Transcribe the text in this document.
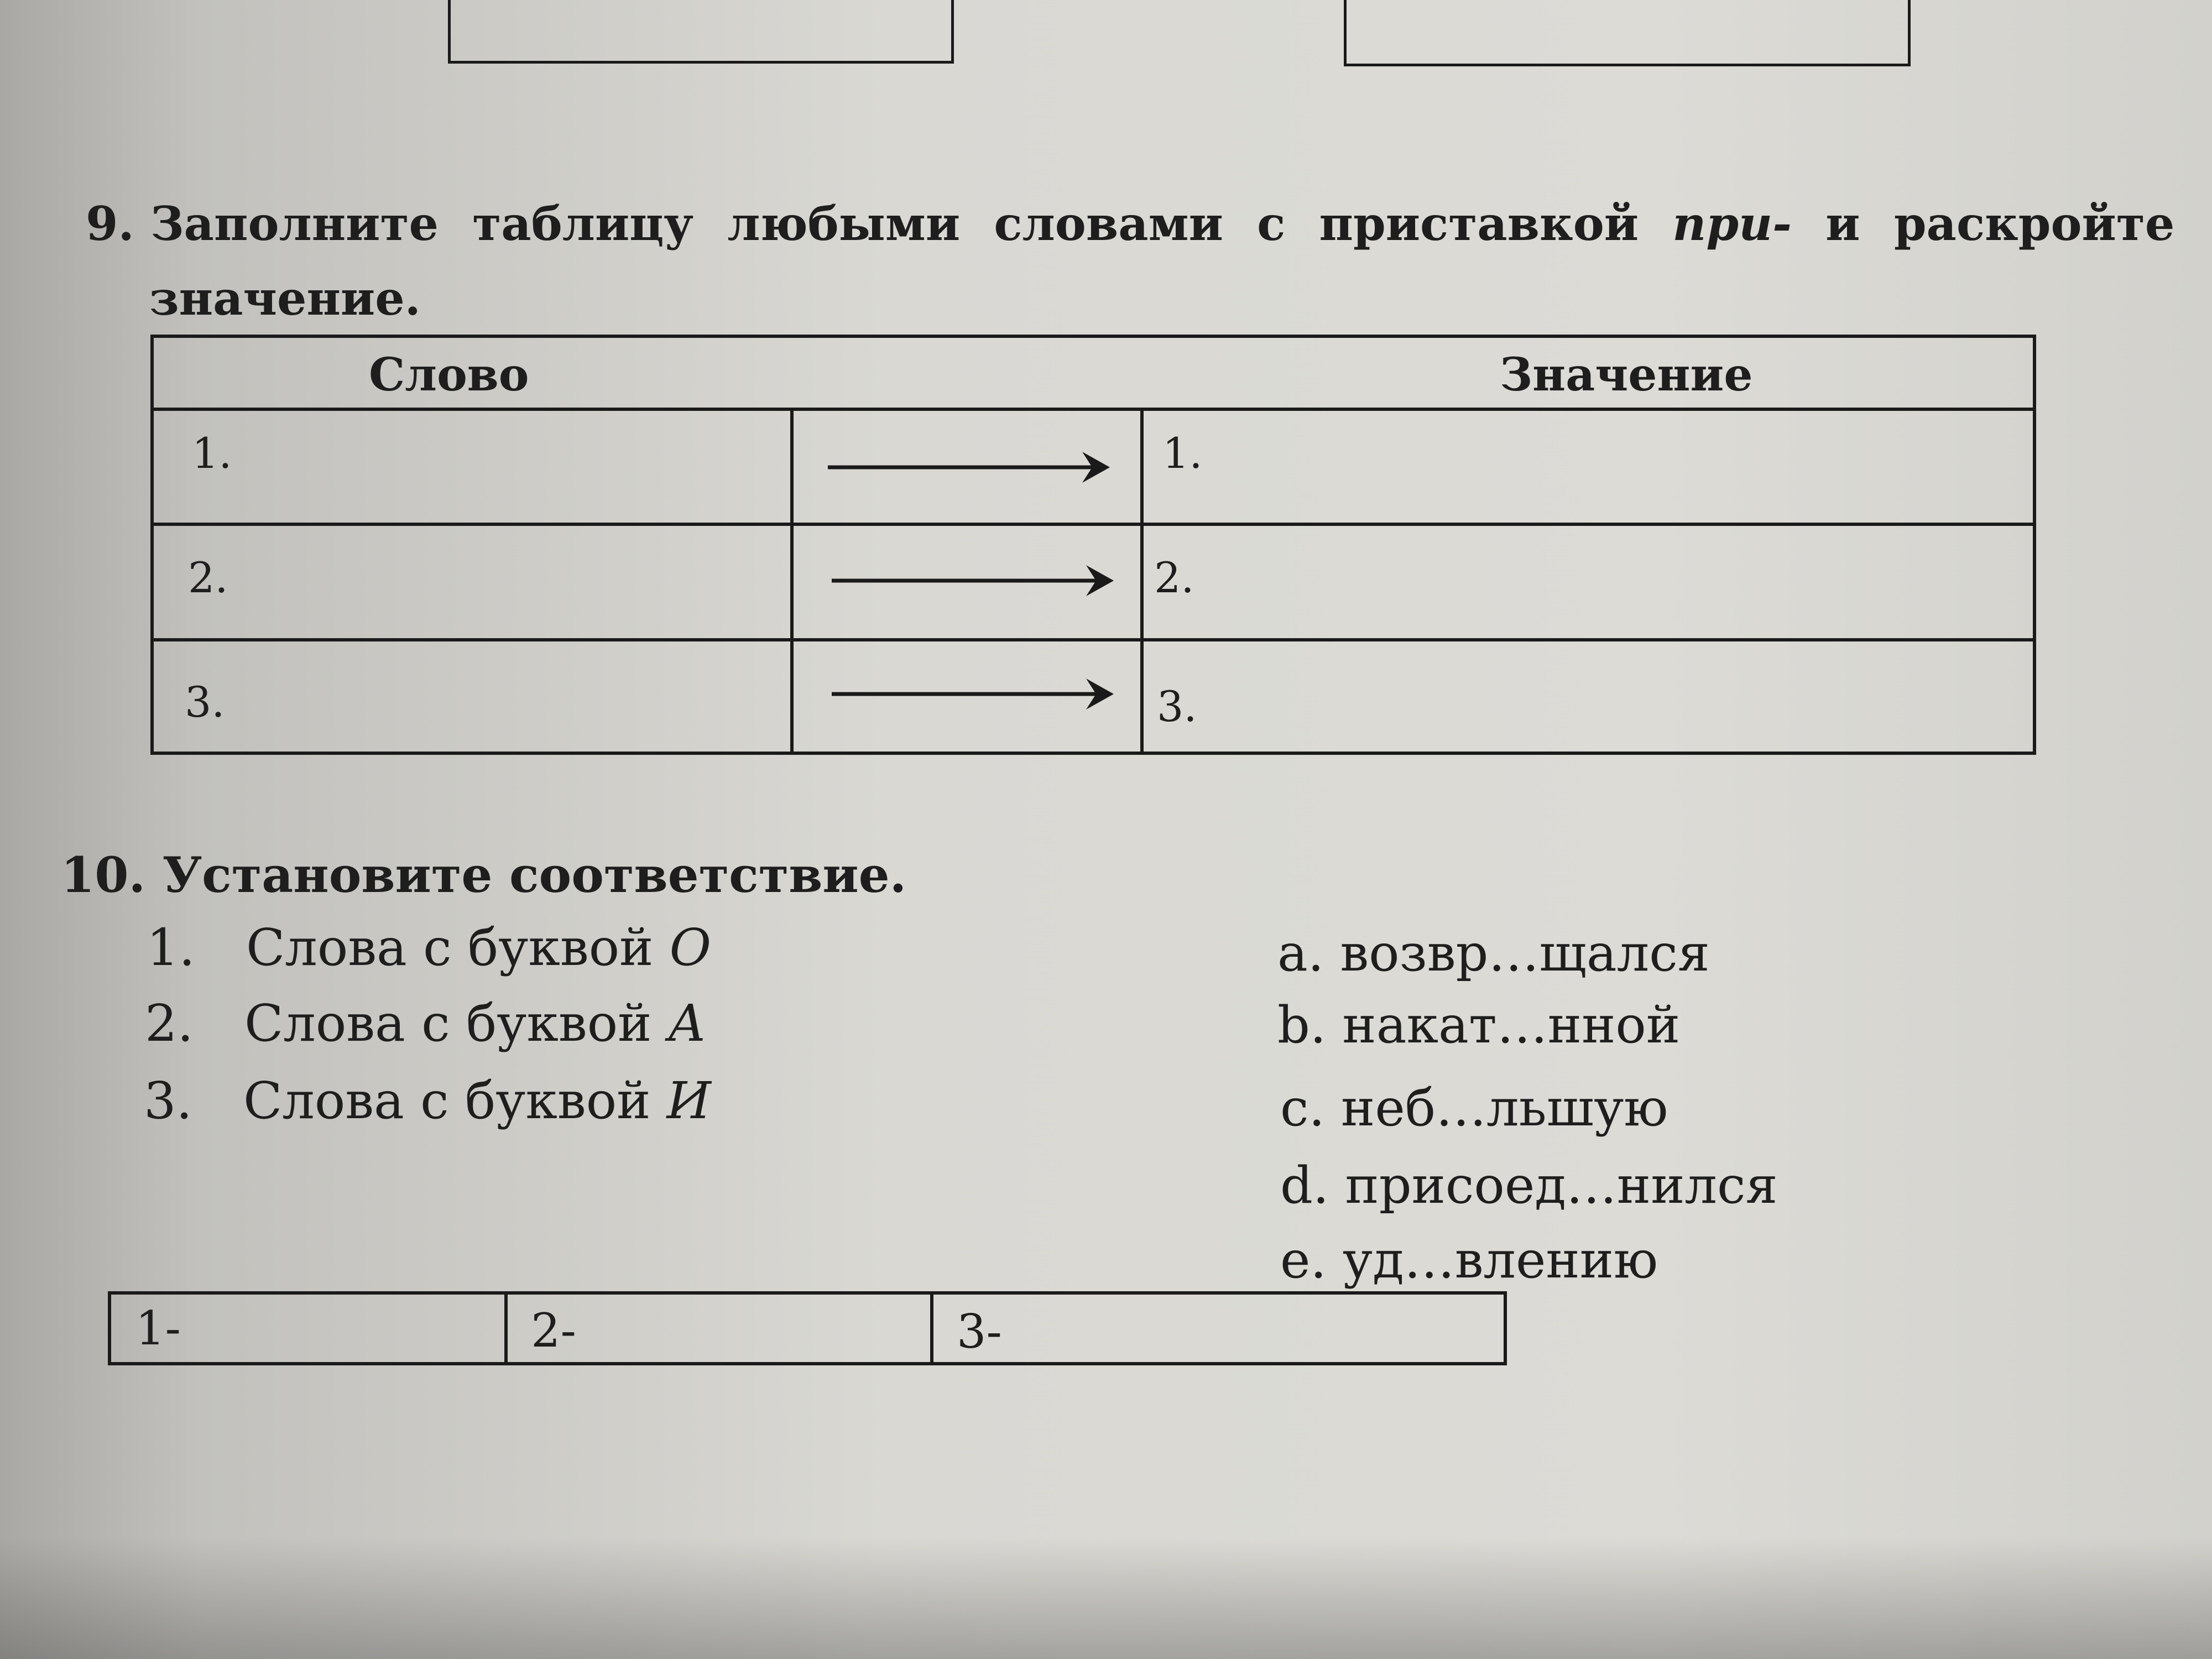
9. Заполните таблицу любыми словами с приставкой при- и раскройте
значение.
Слово	Значение
1.	1.
2.	2.
3.	3.
10. Установите соответствие.
1. Слова с буквой О
2. Слова с буквой А
3. Слова с буквой И
a. возвр…щался
b. накат…нной
c. неб…льшую
d. присоед…нился
e. уд…влению
1-	2-	3-
